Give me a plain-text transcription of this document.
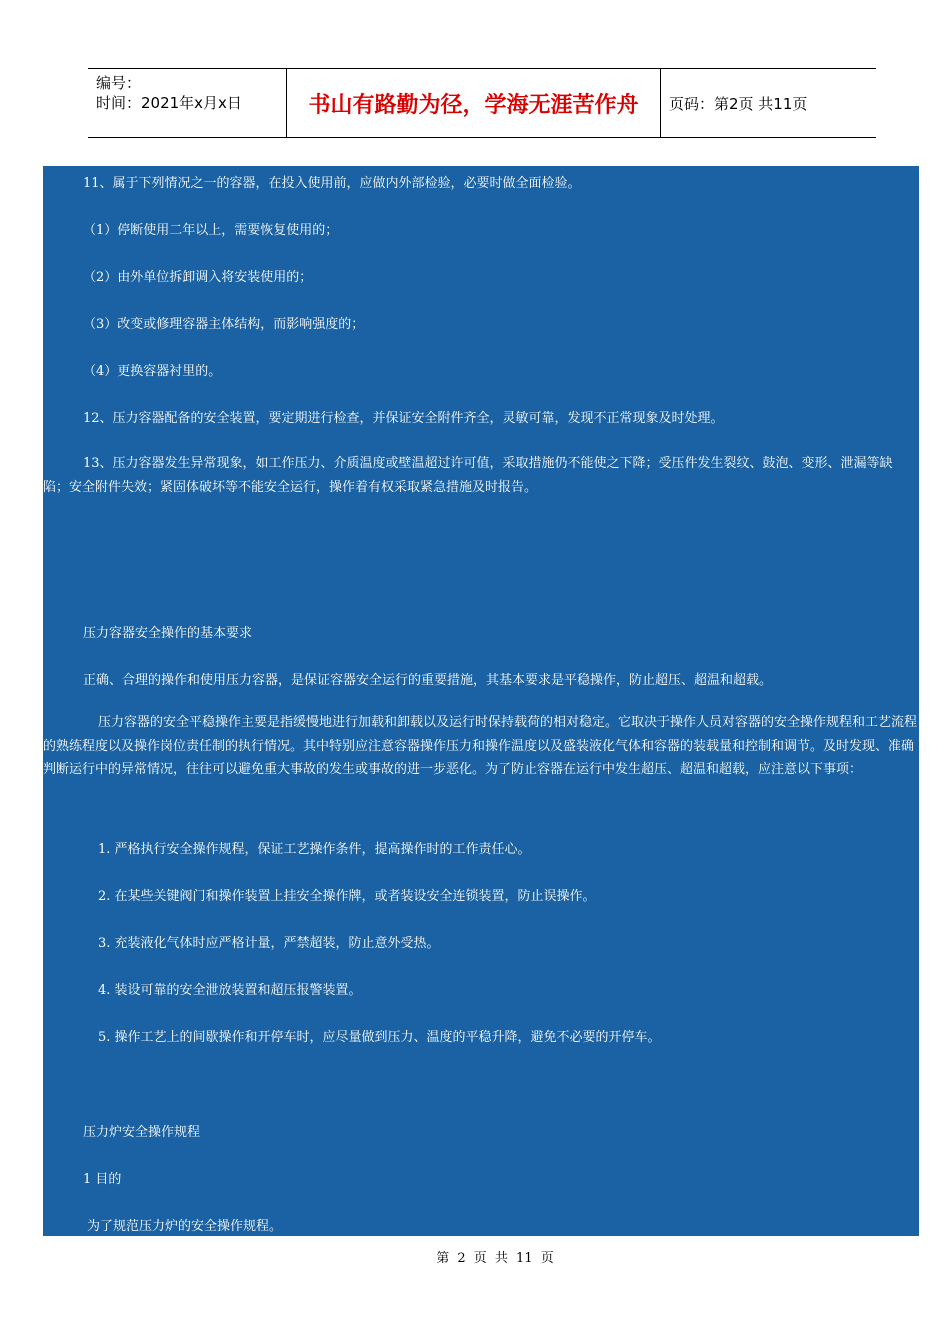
编号：
时间：2021年x月x日	书山有路勤为径，学海无涯苦作舟 页码：第2页 共11页
11、属于下列情况之一的容器，在投入使用前，应做内外部检验，必要时做全面检验。
（1）停断使用二年以上，需要恢复使用的；
（2）由外单位拆卸调入将安装使用的；
（3）改变或修理容器主体结构，而影响强度的；
（4）更换容器衬里的。
12、压力容器配备的安全装置，要定期进行检查，并保证安全附件齐全，灵敏可靠，发现不正常现象及时处理。
13、压力容器发生异常现象，如工作压力、介质温度或壁温超过许可值，采取措施仍不能使之下降；受压件发生裂纹、鼓泡、变形、泄漏等缺陷；安全附件失效；紧固体破坏等不能安全运行，操作着有权采取紧急措施及时报告。
压力容器安全操作的基本要求
正确、合理的操作和使用压力容器，是保证容器安全运行的重要措施，其基本要求是平稳操作，防止超压、超温和超载。
压力容器的安全平稳操作主要是指缓慢地进行加载和卸载以及运行时保持载荷的相对稳定。它取决于操作人员对容器的安全操作规程和工艺流程的熟练程度以及操作岗位责任制的执行情况。其中特别应注意容器操作压力和操作温度以及盛装液化气体和容器的装载量和控制和调节。及时发现、准确判断运行中的异常情况，往往可以避免重大事故的发生或事故的进一步恶化。为了防止容器在运行中发生超压、超温和超载，应注意以下事项：
1. 严格执行安全操作规程，保证工艺操作条件，提高操作时的工作责任心。
2. 在某些关键阀门和操作装置上挂安全操作牌，或者装设安全连锁装置，防止误操作。
3. 充装液化气体时应严格计量，严禁超装，防止意外受热。
4. 装设可靠的安全泄放装置和超压报警装置。
5. 操作工艺上的间歇操作和开停车时，应尽量做到压力、温度的平稳升降，避免不必要的开停车。
压力炉安全操作规程
1 目的
为了规范压力炉的安全操作规程。
第 2 页 共 11 页
